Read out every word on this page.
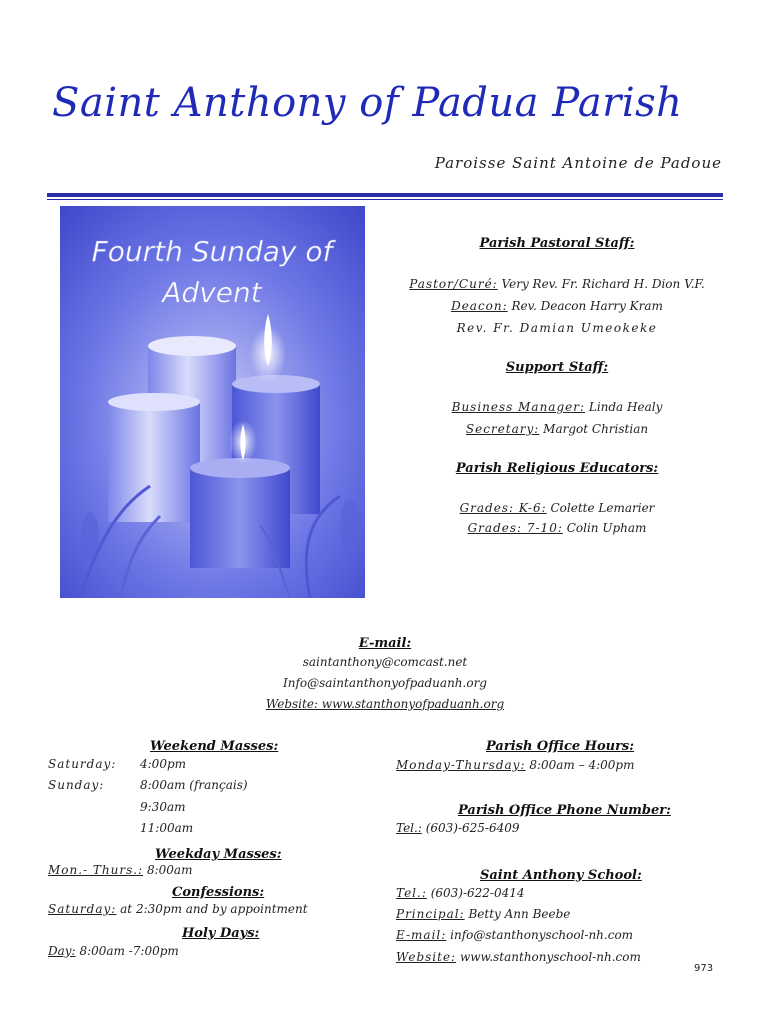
Saint Anthony of Padua Parish
Paroisse Saint Antoine de Padoue
Fourth Sunday of
Advent
Parish Pastoral Staff:
Pastor/Curé: Very Rev. Fr. Richard H. Dion V.F.
Deacon: Rev. Deacon Harry Kram
Rev. Fr. Damian Umeokeke
Support Staff:
Business Manager: Linda Healy
Secretary: Margot Christian
Parish Religious Educators:
Grades: K-6: Colette Lemarier
Grades: 7-10: Colin Upham
E-mail:
saintanthony@comcast.net
Info@saintanthonyofpaduanh.org
Website: www.stanthonyofpaduanh.org
Weekend Masses:
Saturday: 4:00pm
Sunday:	8:00am (français)
9:30am
11:00am
Weekday Masses:
Mon.- Thurs.: 8:00am
Confessions:
Saturday: at 2:30pm and by appointment
Holy Days:
Day: 8:00am -7:00pm
Parish Office Hours:
Monday-Thursday: 8:00am – 4:00pm
Parish Office Phone Number:
Tel.: (603)-625-6409
Saint Anthony School:
Tel.: (603)-622-0414
Principal: Betty Ann Beebe
E-mail: info@stanthonyschool-nh.com
Website: www.stanthonyschool-nh.com
973
